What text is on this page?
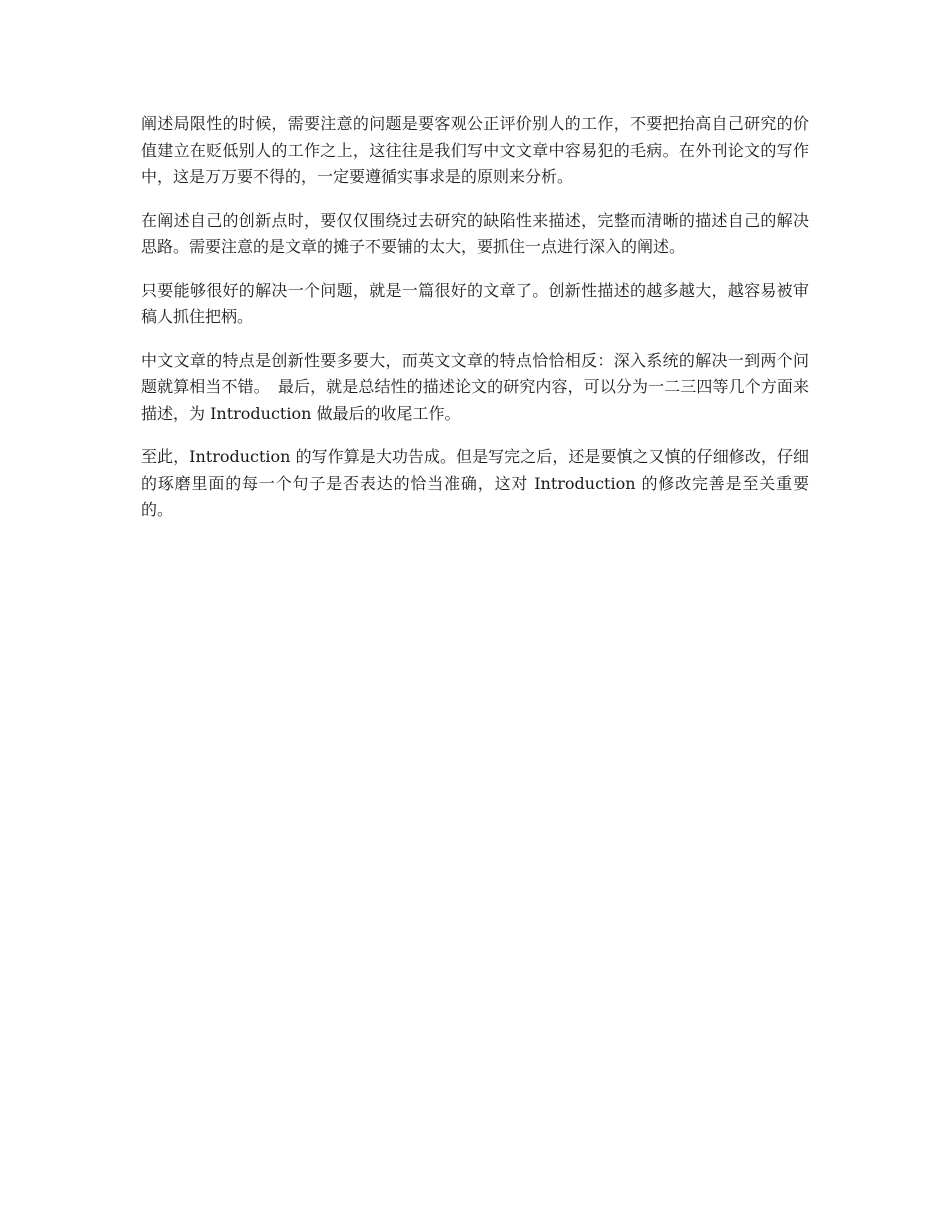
阐述局限性的时候，需要注意的问题是要客观公正评价别人的工作，不要把抬高自己研究的价值建立在贬低别人的工作之上，这往往是我们写中文文章中容易犯的毛病。在外刊论文的写作中，这是万万要不得的，一定要遵循实事求是的原则来分析。

在阐述自己的创新点时，要仅仅围绕过去研究的缺陷性来描述，完整而清晰的描述自己的解决思路。需要注意的是文章的摊子不要铺的太大，要抓住一点进行深入的阐述。

只要能够很好的解决一个问题，就是一篇很好的文章了。创新性描述的越多越大，越容易被审稿人抓住把柄。

中文文章的特点是创新性要多要大，而英文文章的特点恰恰相反：深入系统的解决一到两个问题就算相当不错。　最后，就是总结性的描述论文的研究内容，可以分为一二三四等几个方面来描述，为 Introduction 做最后的收尾工作。

至此，Introduction 的写作算是大功告成。但是写完之后，还是要慎之又慎的仔细修改，仔细的琢磨里面的每一个句子是否表达的恰当准确，这对 Introduction 的修改完善是至关重要的。
